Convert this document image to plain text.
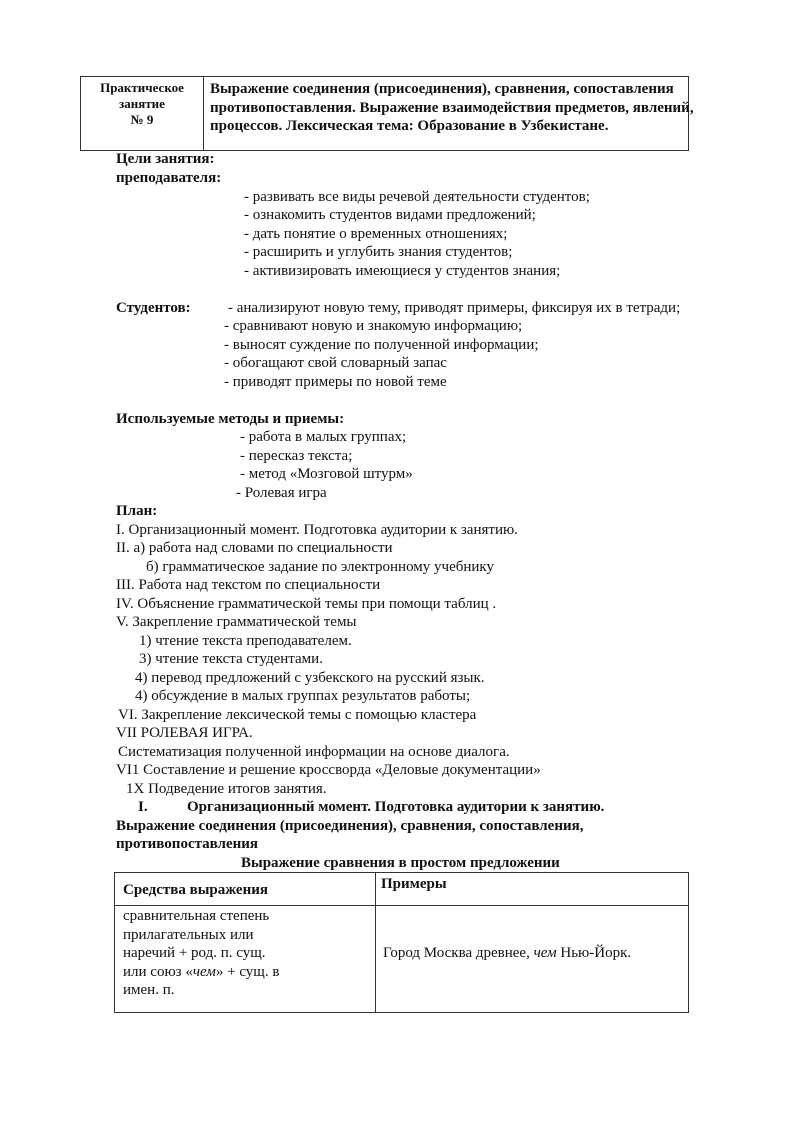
Практическое
занятие
№ 9
Выражение соединения (присоединения), сравнения, сопоставления
противопоставления. Выражение взаимодействия предметов, явлений,
процессов. Лексическая тема: Образование в Узбекистане.
Цели занятия:
преподавателя:
- развивать все виды речевой деятельности студентов;
- ознакомить студентов видами предложений;
- дать понятие о временных отношениях;
- расширить и углубить знания студентов;
- активизировать имеющиеся у студентов знания;
Студентов: - анализируют новую тему, приводят примеры, фиксируя их в тетради;
- сравнивают новую и знакомую информацию;
- выносят суждение по полученной информации;
- обогащают свой словарный запас
- приводят примеры по новой теме
Используемые методы и приемы:
- работа в малых группах;
- пересказ текста;
- метод «Мозговой штурм»
- Ролевая игра
План:
I. Организационный момент. Подготовка аудитории к занятию.
II. а) работа над словами по специальности
б) грамматическое задание по электронному учебнику
III. Работа над текстом по специальности
IV. Объяснение грамматической темы при помощи таблиц .
V. Закрепление грамматической темы
1) чтение текста преподавателем.
3) чтение текста студентами.
4) перевод предложений с узбекского на русский язык.
4) обсуждение в малых группах результатов работы;
VI. Закрепление лексической темы с помощью кластера
VII РОЛЕВАЯ ИГРА.
Систематизация полученной информации на основе диалога.
VI1 Составление и решение кроссворда «Деловые документации»
1X Подведение итогов занятия.
I.	Организационный момент. Подготовка аудитории к занятию.
Выражение соединения (присоединения), сравнения, сопоставления,
противопоставления
Выражение сравнения в простом предложении
Средства выражения	Примеры
сравнительная степень
прилагательных или
наречий + род. п. сущ.
или союз «чем» + сущ. в
имен. п.
Город Москва древнее, чем Нью-Йорк.
